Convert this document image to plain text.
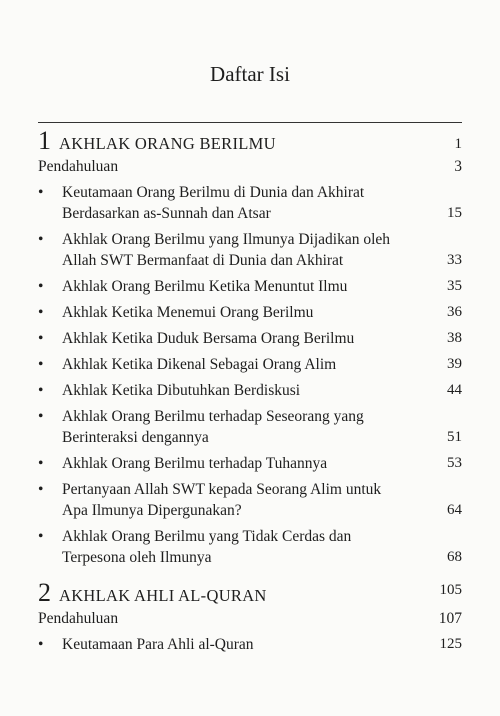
Daftar Isi
1 AKHLAK ORANG BERILMU	1
Pendahuluan	3
•	Keutamaan Orang Berilmu di Dunia dan Akhirat Berdasarkan as-Sunnah dan Atsar	15
•	Akhlak Orang Berilmu yang Ilmunya Dijadikan oleh Allah SWT Bermanfaat di Dunia dan Akhirat	33
•	Akhlak Orang Berilmu Ketika Menuntut Ilmu	35
•	Akhlak Ketika Menemui Orang Berilmu	36
•	Akhlak Ketika Duduk Bersama Orang Berilmu	38
•	Akhlak Ketika Dikenal Sebagai Orang Alim	39
•	Akhlak Ketika Dibutuhkan Berdiskusi	44
•	Akhlak Orang Berilmu terhadap Seseorang yang Berinteraksi dengannya	51
•	Akhlak Orang Berilmu terhadap Tuhannya	53
•	Pertanyaan Allah SWT kepada Seorang Alim untuk Apa Ilmunya Dipergunakan?	64
•	Akhlak Orang Berilmu yang Tidak Cerdas dan Terpesona oleh Ilmunya	68
2 AKHLAK AHLI AL-QURAN	105
Pendahuluan	107
•	Keutamaan Para Ahli al-Quran	125
